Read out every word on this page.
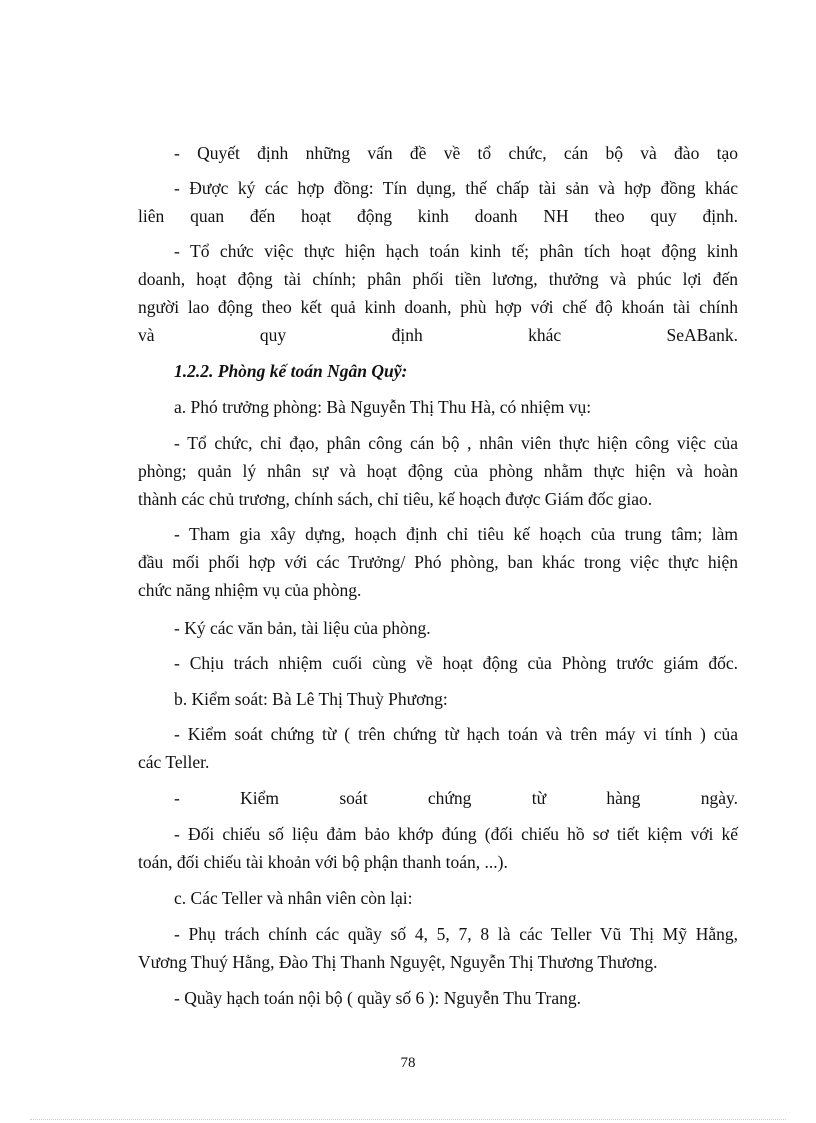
- Quyết định những vấn đề về tổ chức, cán bộ và đào tạo
- Được ký các hợp đồng: Tín dụng, thế chấp tài sản và hợp đồng khác
liên quan đến hoạt động kinh doanh NH theo quy định.
- Tổ chức việc thực hiện hạch toán kinh tế; phân tích hoạt động kinh
doanh, hoạt động tài chính; phân phối tiền lương, thưởng và phúc lợi đến
người lao động theo kết quả kinh doanh, phù hợp với chế độ khoán tài chính
và quy định khác SeABank.
1.2.2. Phòng kế toán Ngân Quỹ:
a. Phó trưởng phòng: Bà Nguyễn Thị Thu Hà, có nhiệm vụ:
- Tổ chức, chỉ đạo, phân công cán bộ , nhân viên thực hiện công việc của
phòng; quản lý nhân sự và hoạt động của phòng nhằm thực hiện và hoàn
thành các chủ trương, chính sách, chỉ tiêu, kế hoạch được Giám đốc giao.
- Tham gia xây dựng, hoạch định chỉ tiêu kế hoạch của trung tâm; làm
đầu mối phối hợp với các Trưởng/ Phó phòng, ban khác trong việc thực hiện
chức năng nhiệm vụ của phòng.
- Ký các văn bản, tài liệu của phòng.
- Chịu trách nhiệm cuối cùng về hoạt động của Phòng trước giám đốc.
b. Kiểm soát: Bà Lê Thị Thuỳ Phương:
- Kiểm soát chứng từ ( trên chứng từ hạch toán và trên máy vi tính ) của
các Teller.
- Kiểm soát chứng từ hàng ngày.
- Đối chiếu số liệu đảm bảo khớp đúng (đối chiếu hồ sơ tiết kiệm với kế
toán, đối chiếu tài khoản với bộ phận thanh toán, ...).
c. Các Teller và nhân viên còn lại:
- Phụ trách chính các quầy số 4, 5, 7, 8 là các Teller Vũ Thị Mỹ Hằng,
Vương Thuý Hằng, Đào Thị Thanh Nguyệt, Nguyễn Thị Thương Thương.
- Quầy hạch toán nội bộ ( quầy số 6 ): Nguyễn Thu Trang.
78
